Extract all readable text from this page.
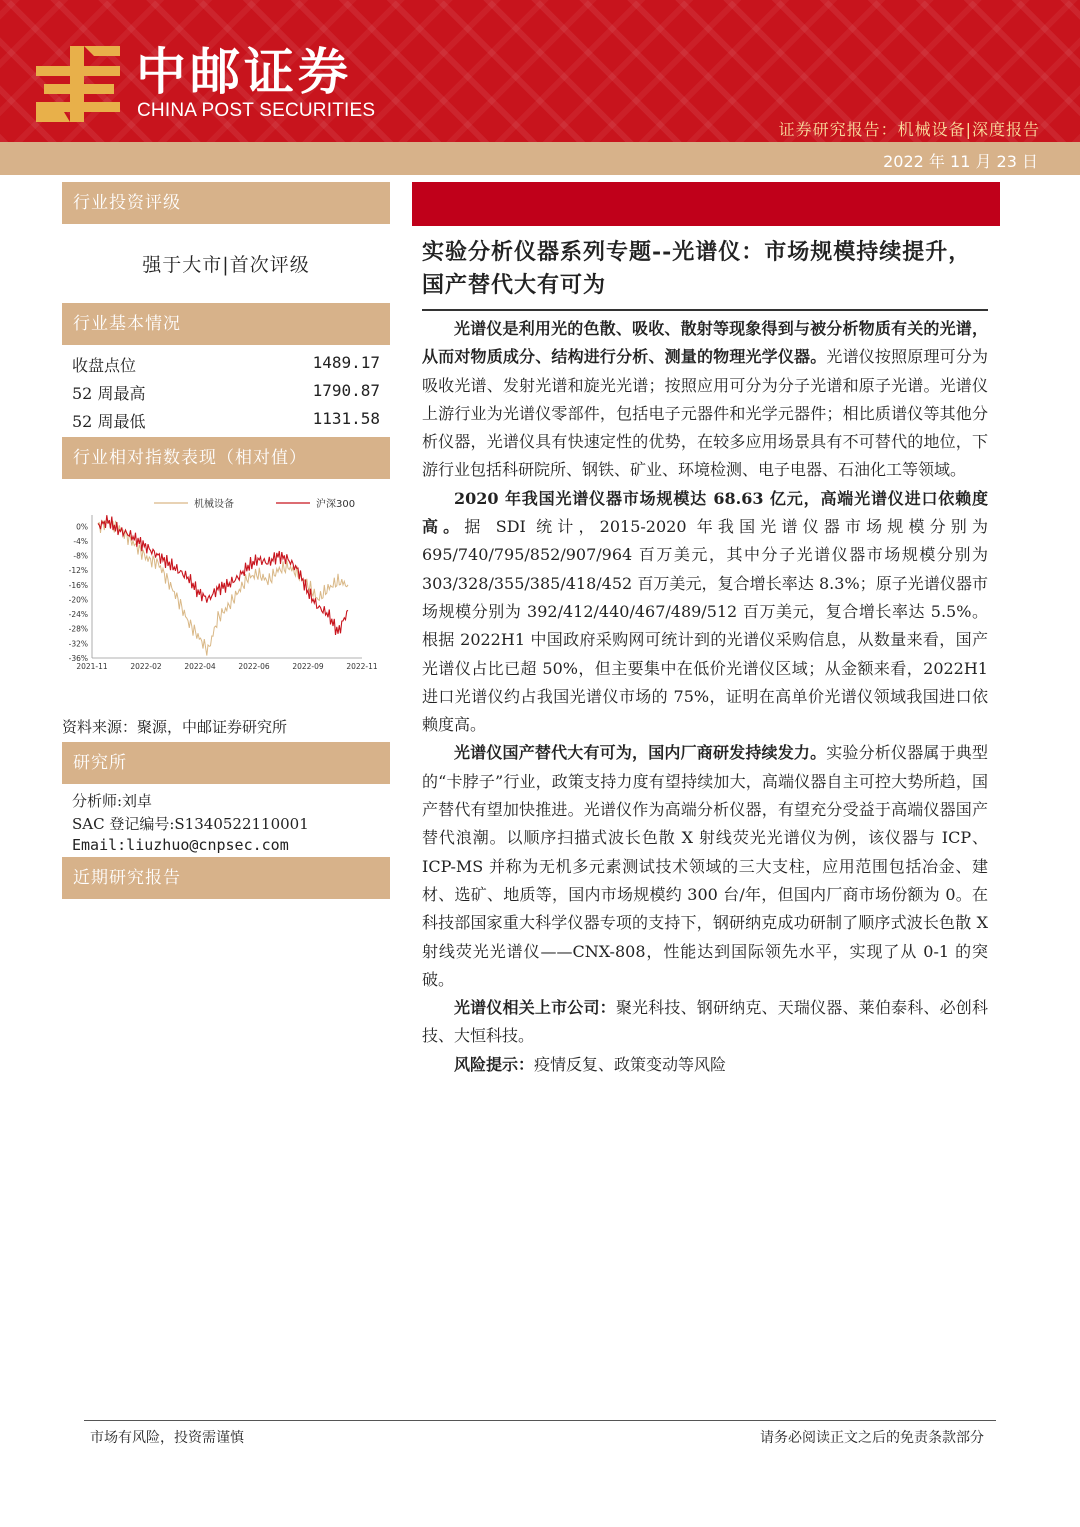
中邮证券
CHINA POST SECURITIES
证券研究报告：机械设备|深度报告
2022 年 11 月 23 日
行业投资评级
强于大市|首次评级
行业基本情况
收盘点位	1489.17
52 周最高	1790.87
52 周最低	1131.58
行业相对指数表现（相对值）
0%
-4%
-8%
-12%
-16%
-20%
-24%
-28%
-32%
-36%
2021-11	2022-02	2022-04	2022-06	2022-09	2022-11
机械设备	沪深300
资料来源：聚源，中邮证券研究所
研究所
分析师:刘卓
SAC 登记编号:S1340522110001
Email:liuzhuo@cnpsec.com
近期研究报告
实验分析仪器系列专题--光谱仪：市场规模持续提升，国产替代大有可为

光谱仪是利用光的色散、吸收、散射等现象得到与被分析物质有关的光谱，从而对物质成分、结构进行分析、测量的物理光学仪器。光谱仪按照原理可分为吸收光谱、发射光谱和旋光光谱；按照应用可分为分子光谱和原子光谱。光谱仪上游行业为光谱仪零部件，包括电子元器件和光学元器件；相比质谱仪等其他分析仪器，光谱仪具有快速定性的优势，在较多应用场景具有不可替代的地位，下游行业包括科研院所、钢铁、矿业、环境检测、电子电器、石油化工等领域。

2020 年我国光谱仪器市场规模达 68.63 亿元，高端光谱仪进口依赖度高。据 SDI 统计，2015-2020 年我国光谱仪器市场规模分别为 695/740/795/852/907/964 百万美元，其中分子光谱仪器市场规模分别为 303/328/355/385/418/452 百万美元，复合增长率达 8.3%；原子光谱仪器市场规模分别为 392/412/440/467/489/512 百万美元，复合增长率达 5.5%。根据 2022H1 中国政府采购网可统计到的光谱仪采购信息，从数量来看，国产光谱仪占比已超 50%，但主要集中在低价光谱仪区域；从金额来看，2022H1 进口光谱仪约占我国光谱仪市场的 75%，证明在高单价光谱仪领域我国进口依赖度高。

光谱仪国产替代大有可为，国内厂商研发持续发力。实验分析仪器属于典型的“卡脖子”行业，政策支持力度有望持续加大，高端仪器自主可控大势所趋，国产替代有望加快推进。光谱仪作为高端分析仪器，有望充分受益于高端仪器国产替代浪潮。以顺序扫描式波长色散 X 射线荧光光谱仪为例，该仪器与 ICP、ICP-MS 并称为无机多元素测试技术领域的三大支柱，应用范围包括冶金、建材、选矿、地质等，国内市场规模约 300 台/年，但国内厂商市场份额为 0。在科技部国家重大科学仪器专项的支持下，钢研纳克成功研制了顺序式波长色散 X 射线荧光光谱仪——CNX-808，性能达到国际领先水平，实现了从 0-1 的突破。

光谱仪相关上市公司：聚光科技、钢研纳克、天瑞仪器、莱伯泰科、必创科技、大恒科技。

风险提示：疫情反复、政策变动等风险

市场有风险，投资需谨慎	请务必阅读正文之后的免责条款部分
